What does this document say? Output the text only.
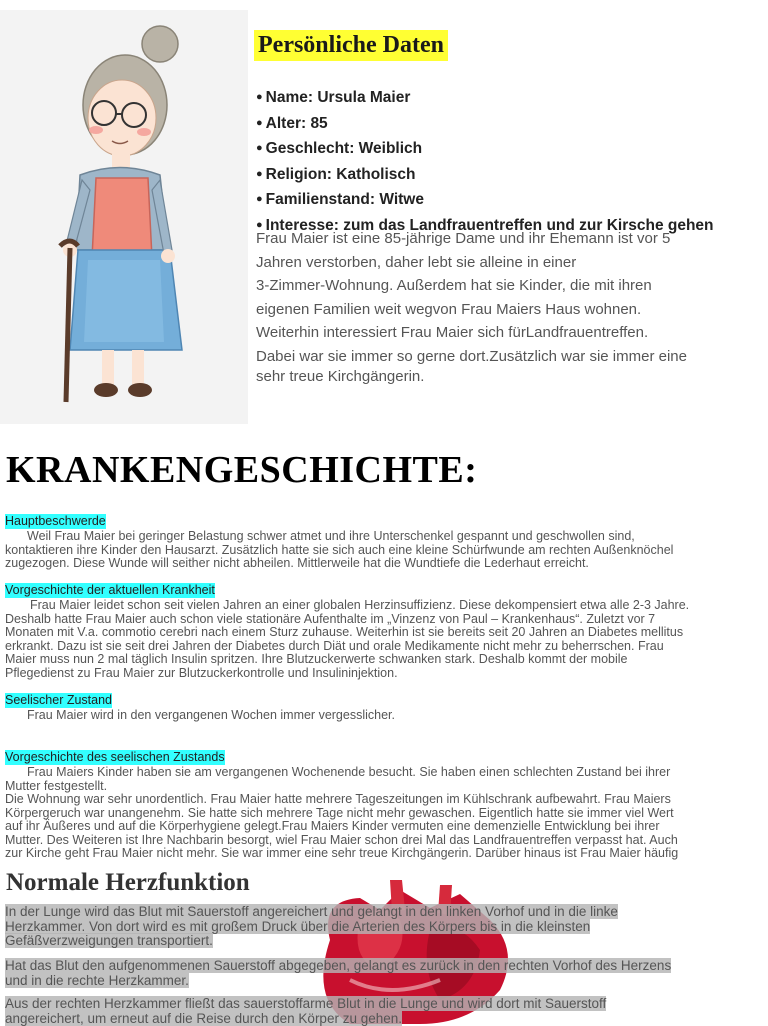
Persönliche Daten
● Name: Ursula Maier
● Alter: 85
● Geschlecht: Weiblich
● Religion: Katholisch
● Familienstand: Witwe
● Interesse: zum das Landfrauentreffen und zur Kirsche gehen
Frau Maier ist eine 85-jährige Dame und ihr Ehemann ist vor 5
Jahren verstorben, daher lebt sie alleine in einer
3-Zimmer-Wohnung. Außerdem hat sie Kinder, die mit ihren
eigenen Familien weit wegvon Frau Maiers Haus wohnen.
Weiterhin interessiert Frau Maier sich fürLandfrauentreffen.
Dabei war sie immer so gerne dort.Zusätzlich war sie immer eine
sehr treue Kirchgängerin.
KRANKENGESCHICHTE:
Hauptbeschwerde
Weil Frau Maier bei geringer Belastung schwer atmet und ihre Unterschenkel gespannt und geschwollen sind,
kontaktieren ihre Kinder den Hausarzt. Zusätzlich hatte sie sich auch eine kleine Schürfwunde am rechten Außenknöchel
zugezogen. Diese Wunde will seither nicht abheilen. Mittlerweile hat die Wundtiefe die Lederhaut erreicht.
Vorgeschichte der aktuellen Krankheit
Frau Maier leidet schon seit vielen Jahren an einer globalen Herzinsuffizienz. Diese dekompensiert etwa alle 2-3 Jahre.
Deshalb hatte Frau Maier auch schon viele stationäre Aufenthalte im „Vinzenz von Paul – Krankenhaus“. Zuletzt vor 7
Monaten mit V.a. commotio cerebri nach einem Sturz zuhause. Weiterhin ist sie bereits seit 20 Jahren an Diabetes mellitus
erkrankt. Dazu ist sie seit drei Jahren der Diabetes durch Diät und orale Medikamente nicht mehr zu beherrschen. Frau
Maier muss nun 2 mal täglich Insulin spritzen. Ihre Blutzuckerwerte schwanken stark. Deshalb kommt der mobile
Pflegedienst zu Frau Maier zur Blutzuckerkontrolle und Insulininjektion.
Seelischer Zustand
Frau Maier wird in den vergangenen Wochen immer vergesslicher.
Vorgeschichte des seelischen Zustands
Frau Maiers Kinder haben sie am vergangenen Wochenende besucht. Sie haben einen schlechten Zustand bei ihrer
Mutter festgestellt.
Die Wohnung war sehr unordentlich. Frau Maier hatte mehrere Tageszeitungen im Kühlschrank aufbewahrt. Frau Maiers
Körpergeruch war unangenehm. Sie hatte sich mehrere Tage nicht mehr gewaschen. Eigentlich hatte sie immer viel Wert
auf ihr Äußeres und auf die Körperhygiene gelegt.Frau Maiers Kinder vermuten eine demenzielle Entwicklung bei ihrer
Mutter. Des Weiteren ist Ihre Nachbarin besorgt, wiel Frau Maier schon drei Mal das Landfrauentreffen verpasst hat. Auch
zur Kirche geht Frau Maier nicht mehr. Sie war immer eine sehr treue Kirchgängerin. Darüber hinaus ist Frau Maier häufig
Normale Herzfunktion
In der Lunge wird das Blut mit Sauerstoff angereichert und gelangt in den linken Vorhof und in die linke
Herzkammer. Von dort wird es mit großem Druck über die Arterien des Körpers bis in die kleinsten
Gefäßverzweigungen transportiert.
Hat das Blut den aufgenommenen Sauerstoff abgegeben, gelangt es zurück in den rechten Vorhof des Herzens
und in die rechte Herzkammer.
Aus der rechten Herzkammer fließt das sauerstoffarme Blut in die Lunge und wird dort mit Sauerstoff
angereichert, um erneut auf die Reise durch den Körper zu gehen.
